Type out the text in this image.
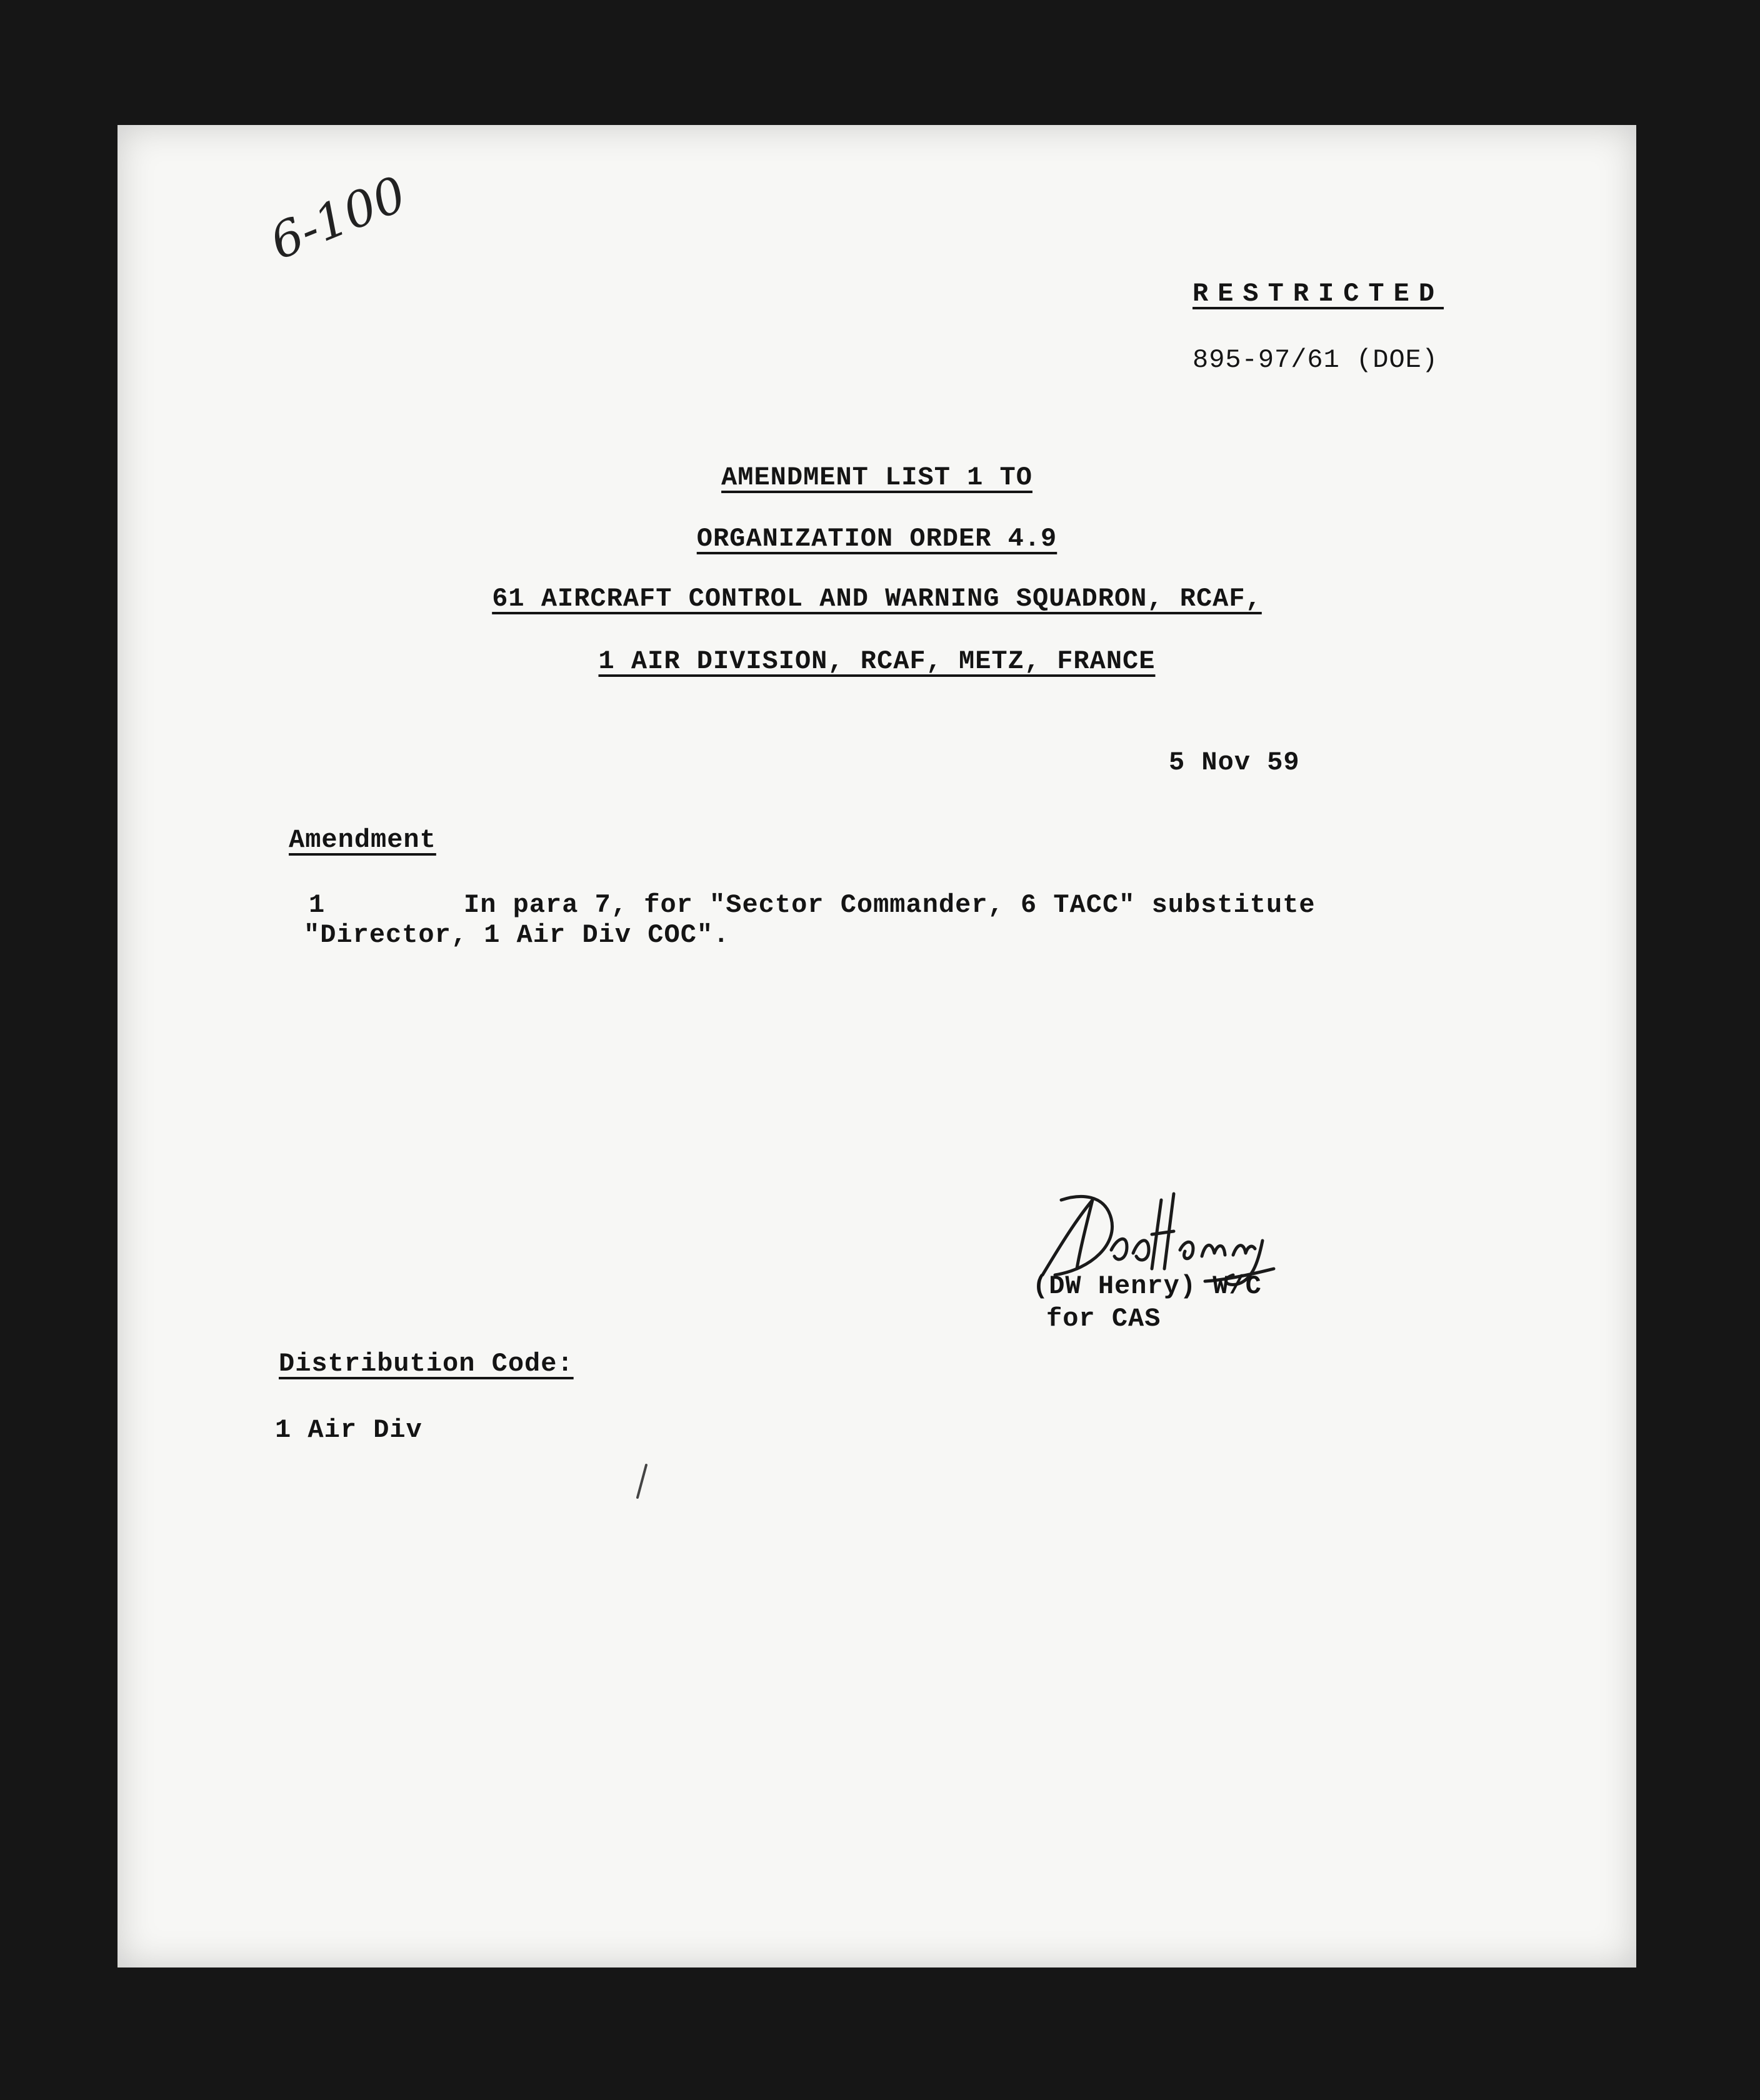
6-100
RESTRICTED
895-97/61 (DOE)
AMENDMENT LIST 1 TO
ORGANIZATION ORDER 4.9
61 AIRCRAFT CONTROL AND WARNING SQUADRON, RCAF,
1 AIR DIVISION, RCAF, METZ, FRANCE
5 Nov 59
Amendment
1	In para 7, for "Sector Commander, 6 TACC" substitute
"Director, 1 Air Div COC".
(DW Henry) W/C
for CAS
Distribution Code:
1 Air Div
